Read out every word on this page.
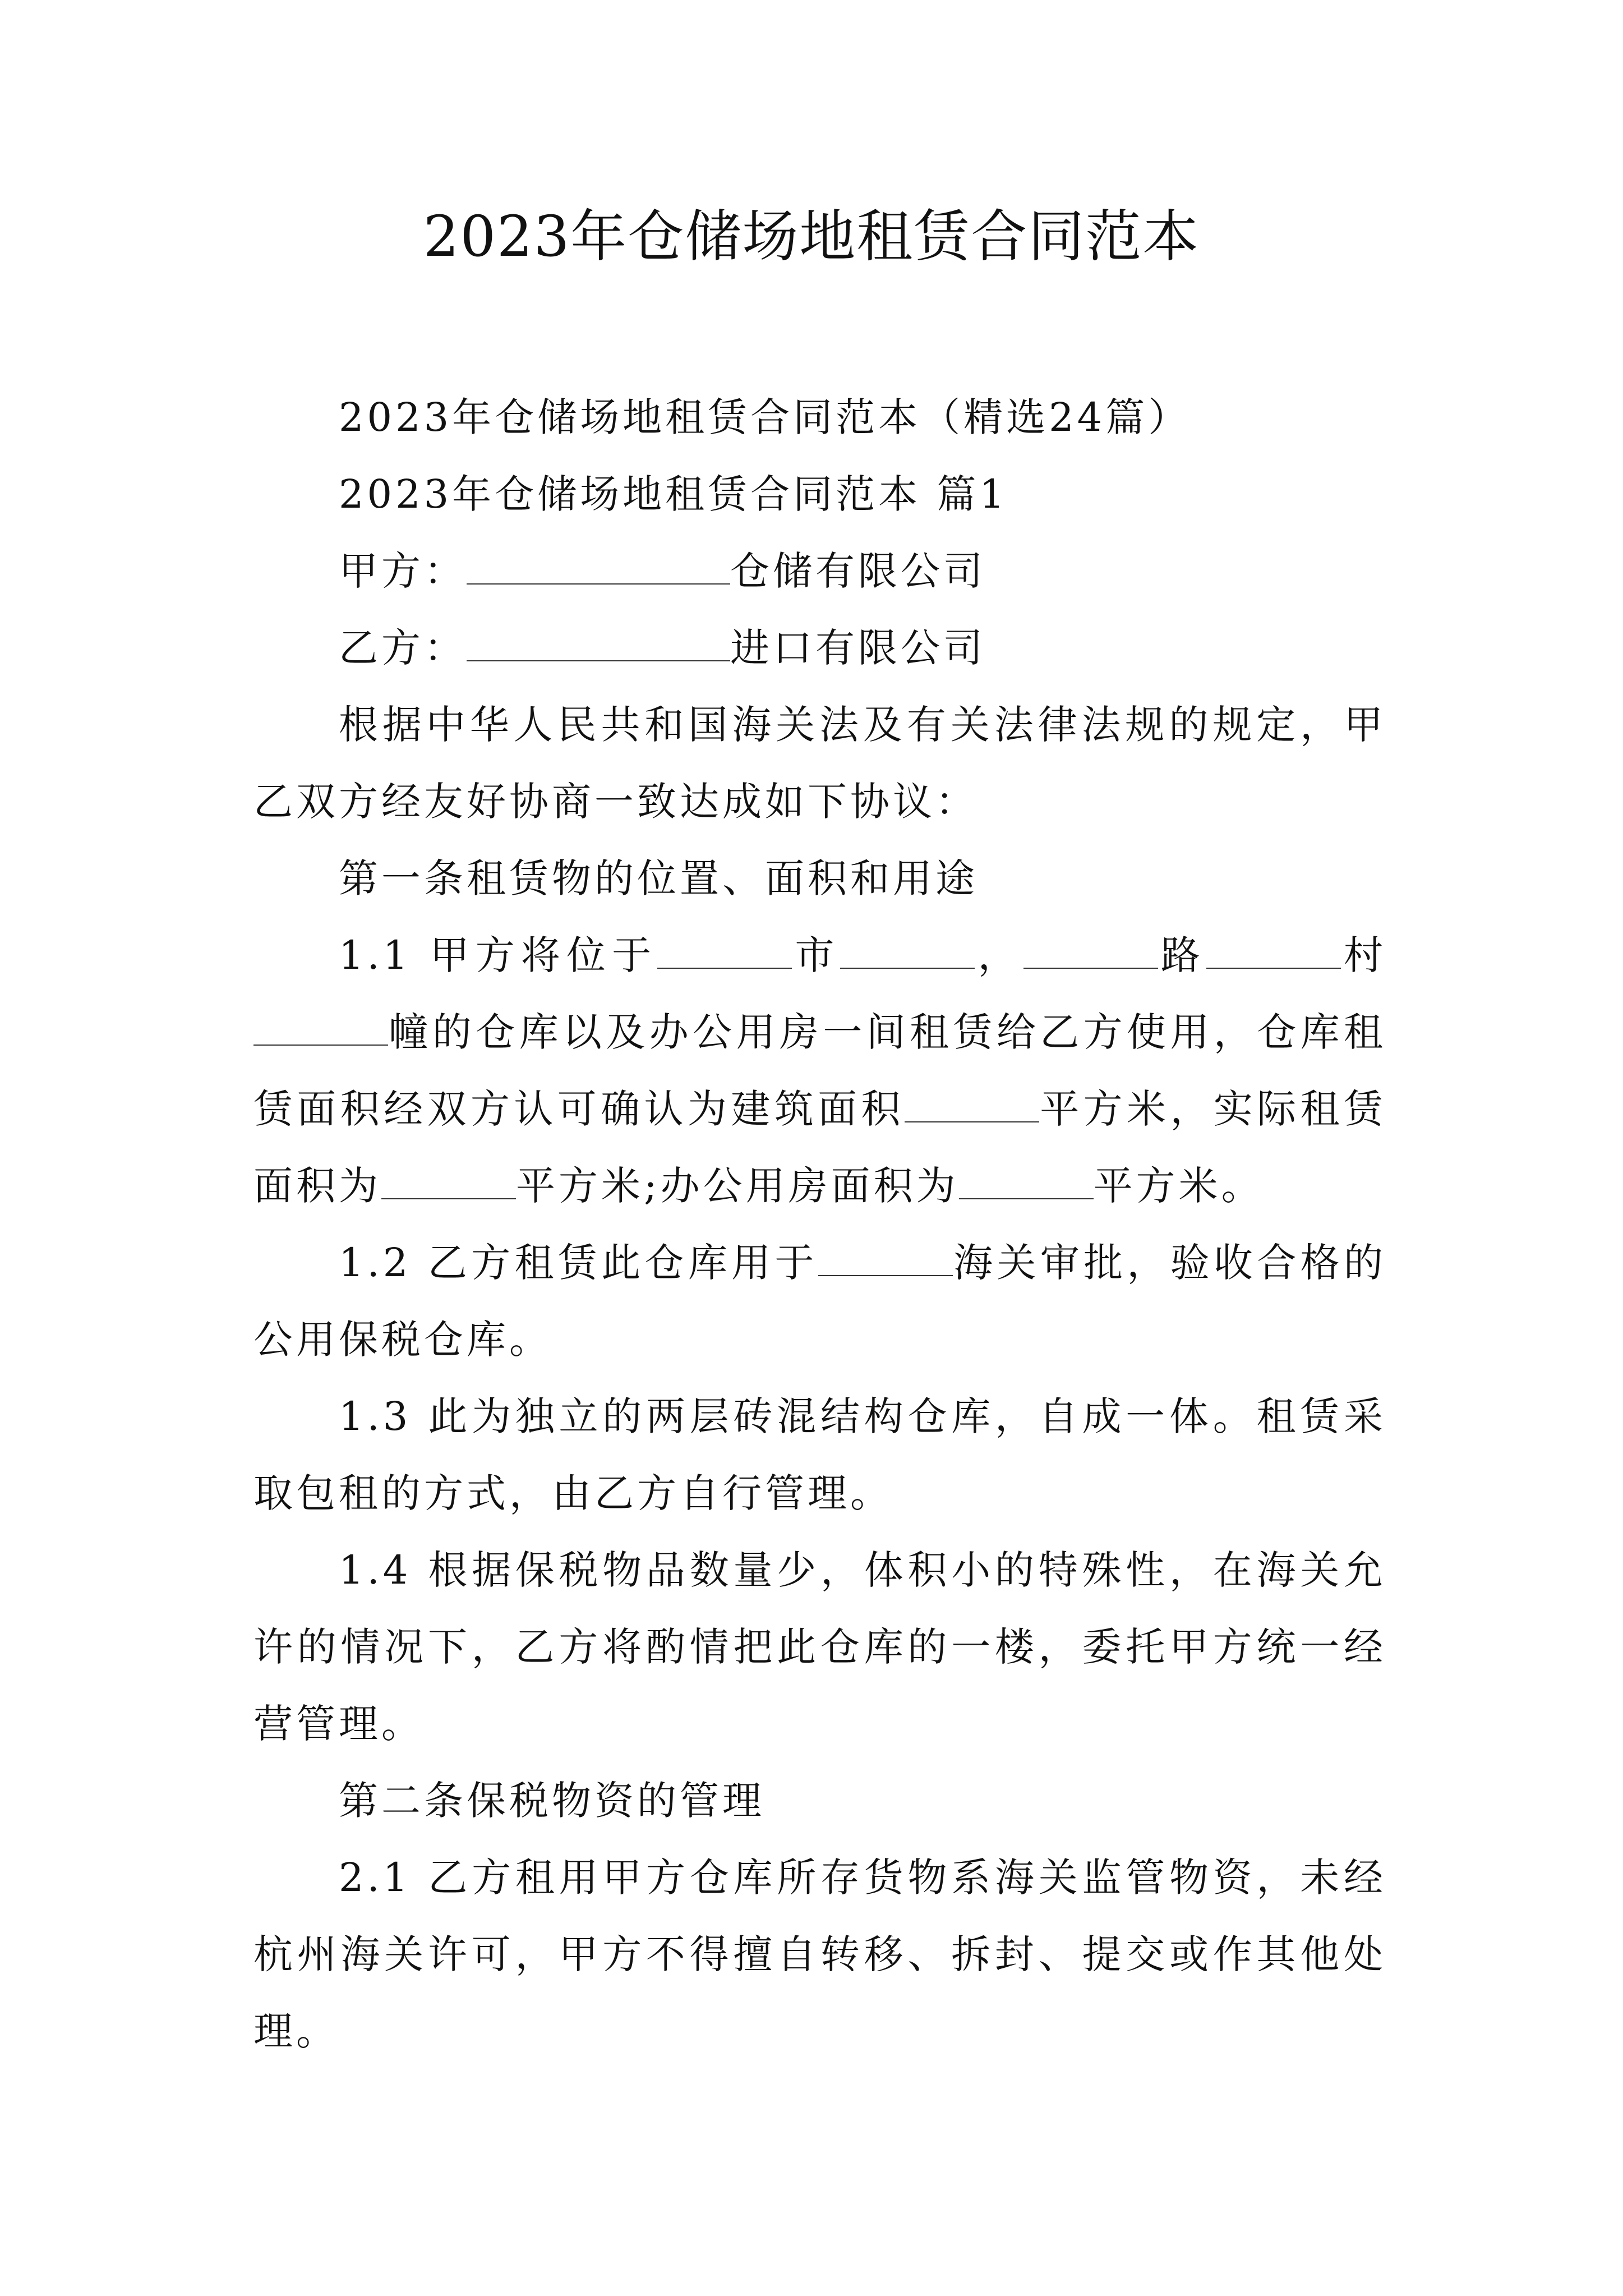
2023年仓储场地租赁合同范本

2023年仓储场地租赁合同范本（精选24篇）

2023年仓储场地租赁合同范本 篇1

甲方：	仓储有限公司

乙方：	进口有限公司

根据中华人民共和国海关法及有关法律法规的规定，甲乙双方经友好协商一致达成如下协议：

第一条租赁物的位置、面积和用途

1.1 甲方将位于	市	，	路	村幢的仓库以及办公用房一间租赁给乙方使用，仓库租赁面积经双方认可确认为建筑面积	平方米，实际租赁面积为	平方米;办公用房面积为	平方米。

1.2 乙方租赁此仓库用于	海关审批，验收合格的公用保税仓库。

1.3 此为独立的两层砖混结构仓库，自成一体。租赁采取包租的方式，由乙方自行管理。

1.4 根据保税物品数量少，体积小的特殊性，在海关允许的情况下，乙方将酌情把此仓库的一楼，委托甲方统一经营管理。

第二条保税物资的管理

2.1 乙方租用甲方仓库所存货物系海关监管物资，未经杭州海关许可，甲方不得擅自转移、拆封、提交或作其他处理。
